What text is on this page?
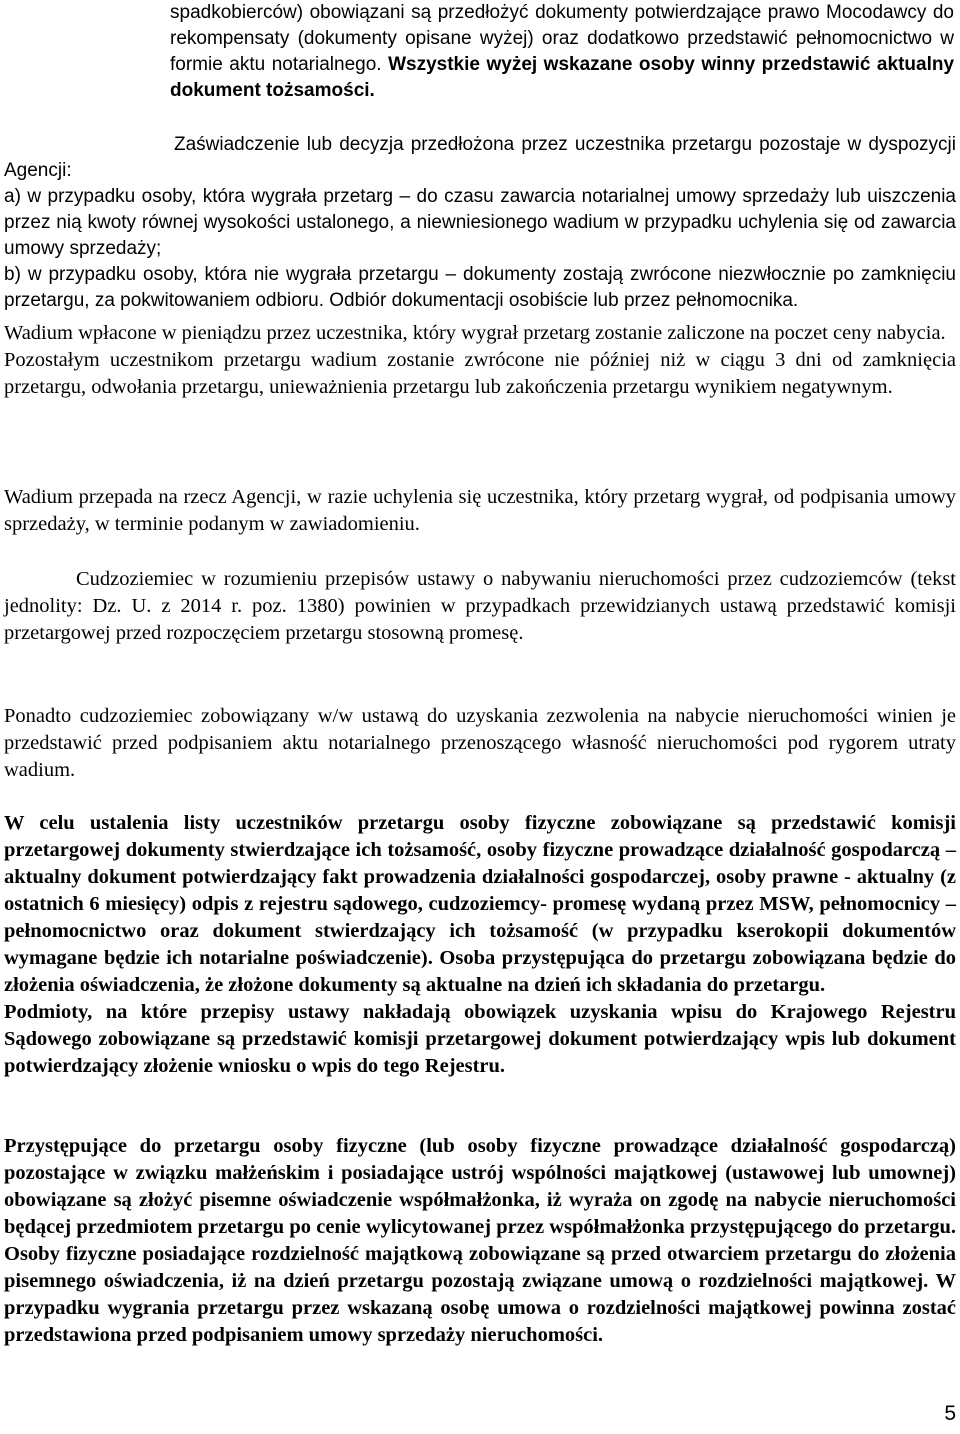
spadkobierców) obowiązani są przedłożyć dokumenty potwierdzające prawo Mocodawcy do rekompensaty (dokumenty opisane wyżej) oraz dodatkowo przedstawić pełnomocnictwo w formie aktu notarialnego. Wszystkie wyżej wskazane osoby winny przedstawić aktualny dokument tożsamości.

Zaświadczenie lub decyzja przedłożona przez uczestnika przetargu pozostaje w dyspozycji Agencji:

a) w przypadku osoby, która wygrała przetarg – do czasu zawarcia notarialnej umowy sprzedaży lub uiszczenia przez nią kwoty równej wysokości ustalonego, a niewniesionego wadium w przypadku uchylenia się od zawarcia umowy sprzedaży;

b) w przypadku osoby, która nie wygrała przetargu – dokumenty zostają zwrócone niezwłocznie po zamknięciu przetargu, za pokwitowaniem odbioru. Odbiór dokumentacji osobiście lub przez pełnomocnika.

Wadium wpłacone w pieniądzu przez uczestnika, który wygrał przetarg zostanie zaliczone na poczet ceny nabycia.

Pozostałym uczestnikom przetargu wadium zostanie zwrócone nie później niż w ciągu 3 dni od zamknięcia przetargu, odwołania przetargu, unieważnienia przetargu lub zakończenia przetargu wynikiem negatywnym.

Wadium przepada na rzecz Agencji, w razie uchylenia się uczestnika, który przetarg wygrał, od podpisania umowy sprzedaży, w terminie podanym w zawiadomieniu.

Cudzoziemiec w rozumieniu przepisów ustawy o nabywaniu nieruchomości przez cudzoziemców (tekst jednolity: Dz. U. z 2014 r. poz. 1380) powinien w przypadkach przewidzianych ustawą przedstawić komisji przetargowej przed rozpoczęciem przetargu stosowną promesę.

Ponadto cudzoziemiec zobowiązany w/w ustawą do uzyskania zezwolenia na nabycie nieruchomości winien je przedstawić przed podpisaniem aktu notarialnego przenoszącego własność nieruchomości pod rygorem utraty wadium.

W celu ustalenia listy uczestników przetargu osoby fizyczne zobowiązane są przedstawić komisji przetargowej dokumenty stwierdzające ich tożsamość, osoby fizyczne prowadzące działalność gospodarczą – aktualny dokument potwierdzający fakt prowadzenia działalności gospodarczej, osoby prawne - aktualny (z ostatnich 6 miesięcy) odpis z rejestru sądowego, cudzoziemcy- promesę wydaną przez MSW, pełnomocnicy – pełnomocnictwo oraz dokument stwierdzający ich tożsamość (w przypadku kserokopii dokumentów wymagane będzie ich notarialne poświadczenie). Osoba przystępująca do przetargu zobowiązana będzie do złożenia oświadczenia, że złożone dokumenty są aktualne na dzień ich składania do przetargu.

Podmioty, na które przepisy ustawy nakładają obowiązek uzyskania wpisu do Krajowego Rejestru Sądowego zobowiązane są przedstawić komisji przetargowej dokument potwierdzający wpis lub dokument potwierdzający złożenie wniosku o wpis do tego Rejestru.

Przystępujące do przetargu osoby fizyczne (lub osoby fizyczne prowadzące działalność gospodarczą) pozostające w związku małżeńskim i posiadające ustrój wspólności majątkowej (ustawowej lub umownej) obowiązane są złożyć pisemne oświadczenie współmałżonka, iż wyraża on zgodę na nabycie nieruchomości będącej przedmiotem przetargu po cenie wylicytowanej przez współmałżonka przystępującego do przetargu. Osoby fizyczne posiadające rozdzielność majątkową zobowiązane są przed otwarciem przetargu do złożenia pisemnego oświadczenia, iż na dzień przetargu pozostają związane umową o rozdzielności majątkowej. W przypadku wygrania przetargu przez wskazaną osobę umowa o rozdzielności majątkowej powinna zostać przedstawiona przed podpisaniem umowy sprzedaży nieruchomości.

5
